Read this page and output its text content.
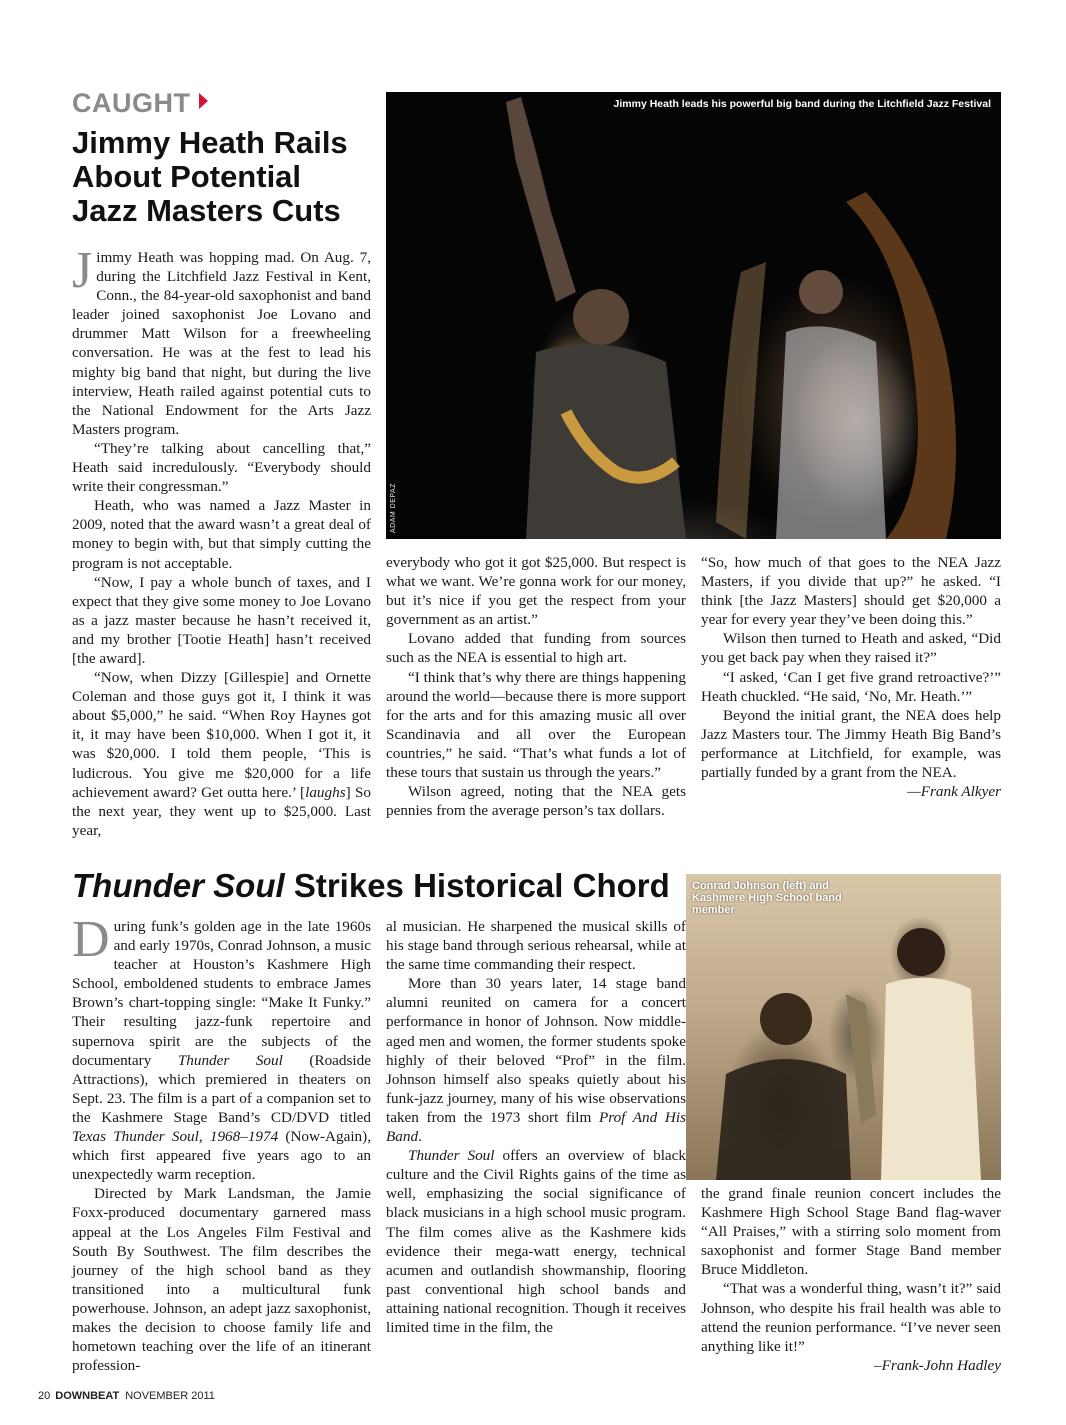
CAUGHT
Jimmy Heath Rails About Potential Jazz Masters Cuts

Jimmy Heath was hopping mad. On Aug. 7, during the Litchfield Jazz Festival in Kent, Conn., the 84-year-old saxophonist and band leader joined saxophonist Joe Lovano and drummer Matt Wilson for a freewheeling conversation. He was at the fest to lead his mighty big band that night, but during the live interview, Heath railed against potential cuts to the National Endowment for the Arts Jazz Masters program.

“They’re talking about cancelling that,” Heath said incredulously. “Everybody should write their congressman.”

Heath, who was named a Jazz Master in 2009, noted that the award wasn’t a great deal of money to begin with, but that simply cutting the program is not acceptable.

“Now, I pay a whole bunch of taxes, and I expect that they give some money to Joe Lovano as a jazz master because he hasn’t received it, and my brother [Tootie Heath] hasn’t received [the award].

“Now, when Dizzy [Gillespie] and Ornette Coleman and those guys got it, I think it was about $5,000,” he said. “When Roy Haynes got it, it may have been $10,000. When I got it, it was $20,000. I told them people, ‘This is ludicrous. You give me $20,000 for a life achievement award? Get outta here.’ [laughs] So the next year, they went up to $25,000. Last year,

Jimmy Heath leads his powerful big band during the Litchfield Jazz Festival
ADAM DEPAZ

everybody who got it got $25,000. But respect is what we want. We’re gonna work for our money, but it’s nice if you get the respect from your government as an artist.”

Lovano added that funding from sources such as the NEA is essential to high art.

“I think that’s why there are things happening around the world—because there is more support for the arts and for this amazing music all over Scandinavia and all over the European countries,” he said. “That’s what funds a lot of these tours that sustain us through the years.”

Wilson agreed, noting that the NEA gets pennies from the average person’s tax dollars.

“So, how much of that goes to the NEA Jazz Masters, if you divide that up?” he asked. “I think [the Jazz Masters] should get $20,000 a year for every year they’ve been doing this.”

Wilson then turned to Heath and asked, “Did you get back pay when they raised it?”

“I asked, ‘Can I get five grand retroactive?’” Heath chuckled. “He said, ‘No, Mr. Heath.’”

Beyond the initial grant, the NEA does help Jazz Masters tour. The Jimmy Heath Big Band’s performance at Litchfield, for example, was partially funded by a grant from the NEA.

—Frank Alkyer
Thunder Soul Strikes Historical Chord

During funk’s golden age in the late 1960s and early 1970s, Conrad Johnson, a music teacher at Houston’s Kashmere High School, emboldened students to embrace James Brown’s chart-topping single: “Make It Funky.” Their resulting jazz-funk repertoire and supernova spirit are the subjects of the documentary Thunder Soul (Roadside Attractions), which premiered in theaters on Sept. 23. The film is a part of a companion set to the Kashmere Stage Band’s CD/DVD titled Texas Thunder Soul, 1968–1974 (Now-Again), which first appeared five years ago to an unexpectedly warm reception.

Directed by Mark Landsman, the Jamie Foxx-produced documentary garnered mass appeal at the Los Angeles Film Festival and South By Southwest. The film describes the journey of the high school band as they transitioned into a multicultural funk powerhouse. Johnson, an adept jazz saxophonist, makes the decision to choose family life and hometown teaching over the life of an itinerant profession-

al musician. He sharpened the musical skills of his stage band through serious rehearsal, while at the same time commanding their respect.

More than 30 years later, 14 stage band alumni reunited on camera for a concert performance in honor of Johnson. Now middle-aged men and women, the former students spoke highly of their beloved “Prof” in the film. Johnson himself also speaks quietly about his funk-jazz journey, many of his wise observations taken from the 1973 short film Prof And His Band.

Thunder Soul offers an overview of black culture and the Civil Rights gains of the time as well, emphasizing the social significance of black musicians in a high school music program. The film comes alive as the Kashmere kids evidence their mega-watt energy, technical acumen and outlandish showmanship, flooring past conventional high school bands and attaining national recognition. Though it receives limited time in the film, the

Conrad Johnson (left) and Kashmere High School band member

the grand finale reunion concert includes the Kashmere High School Stage Band flag-waver “All Praises,” with a stirring solo moment from saxophonist and former Stage Band member Bruce Middleton.

“That was a wonderful thing, wasn’t it?” said Johnson, who despite his frail health was able to attend the reunion performance. “I’ve never seen anything like it!”

–Frank-John Hadley
20 DOWNBEAT NOVEMBER 2011
